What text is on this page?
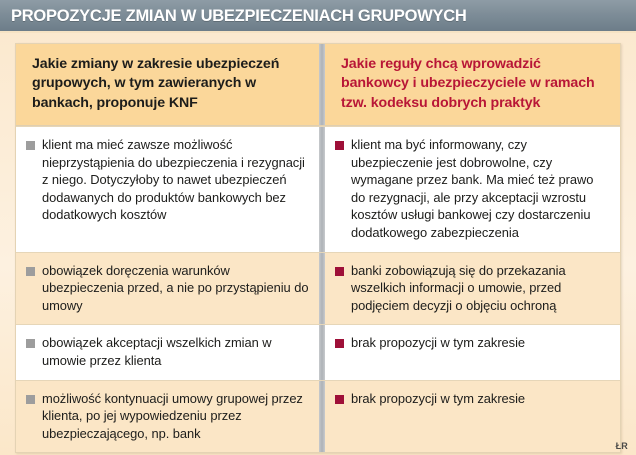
PROPOZYCJE ZMIAN W UBEZPIECZENIACH GRUPOWYCH

Jakie zmiany w zakresie ubezpieczeń grupowych, w tym zawieranych w bankach, proponuje KNF

Jakie reguły chcą wprowadzić bankowcy i ubezpieczyciele w ramach tzw. kodeksu dobrych praktyk

klient ma mieć zawsze możliwość nieprzystąpienia do ubezpieczenia i rezygnacji z niego. Dotyczyłoby to nawet ubezpieczeń dodawanych do produktów bankowych bez dodatkowych kosztów
klient ma być informowany, czy ubezpieczenie jest dobrowolne, czy wymagane przez bank. Ma mieć też prawo do rezygnacji, ale przy akceptacji wzrostu kosztów usługi bankowej czy dostarczeniu dodatkowego zabezpieczenia
obowiązek doręczenia warunków ubezpieczenia przed, a nie po przystąpieniu do umowy
banki zobowiązują się do przekazania wszelkich informacji o umowie, przed podjęciem decyzji o objęciu ochroną
obowiązek akceptacji wszelkich zmian w umowie przez klienta
brak propozycji w tym zakresie
możliwość kontynuacji umowy grupowej przez klienta, po jej wypowiedzeniu przez ubezpieczającego, np. bank
brak propozycji w tym zakresie
ŁR
